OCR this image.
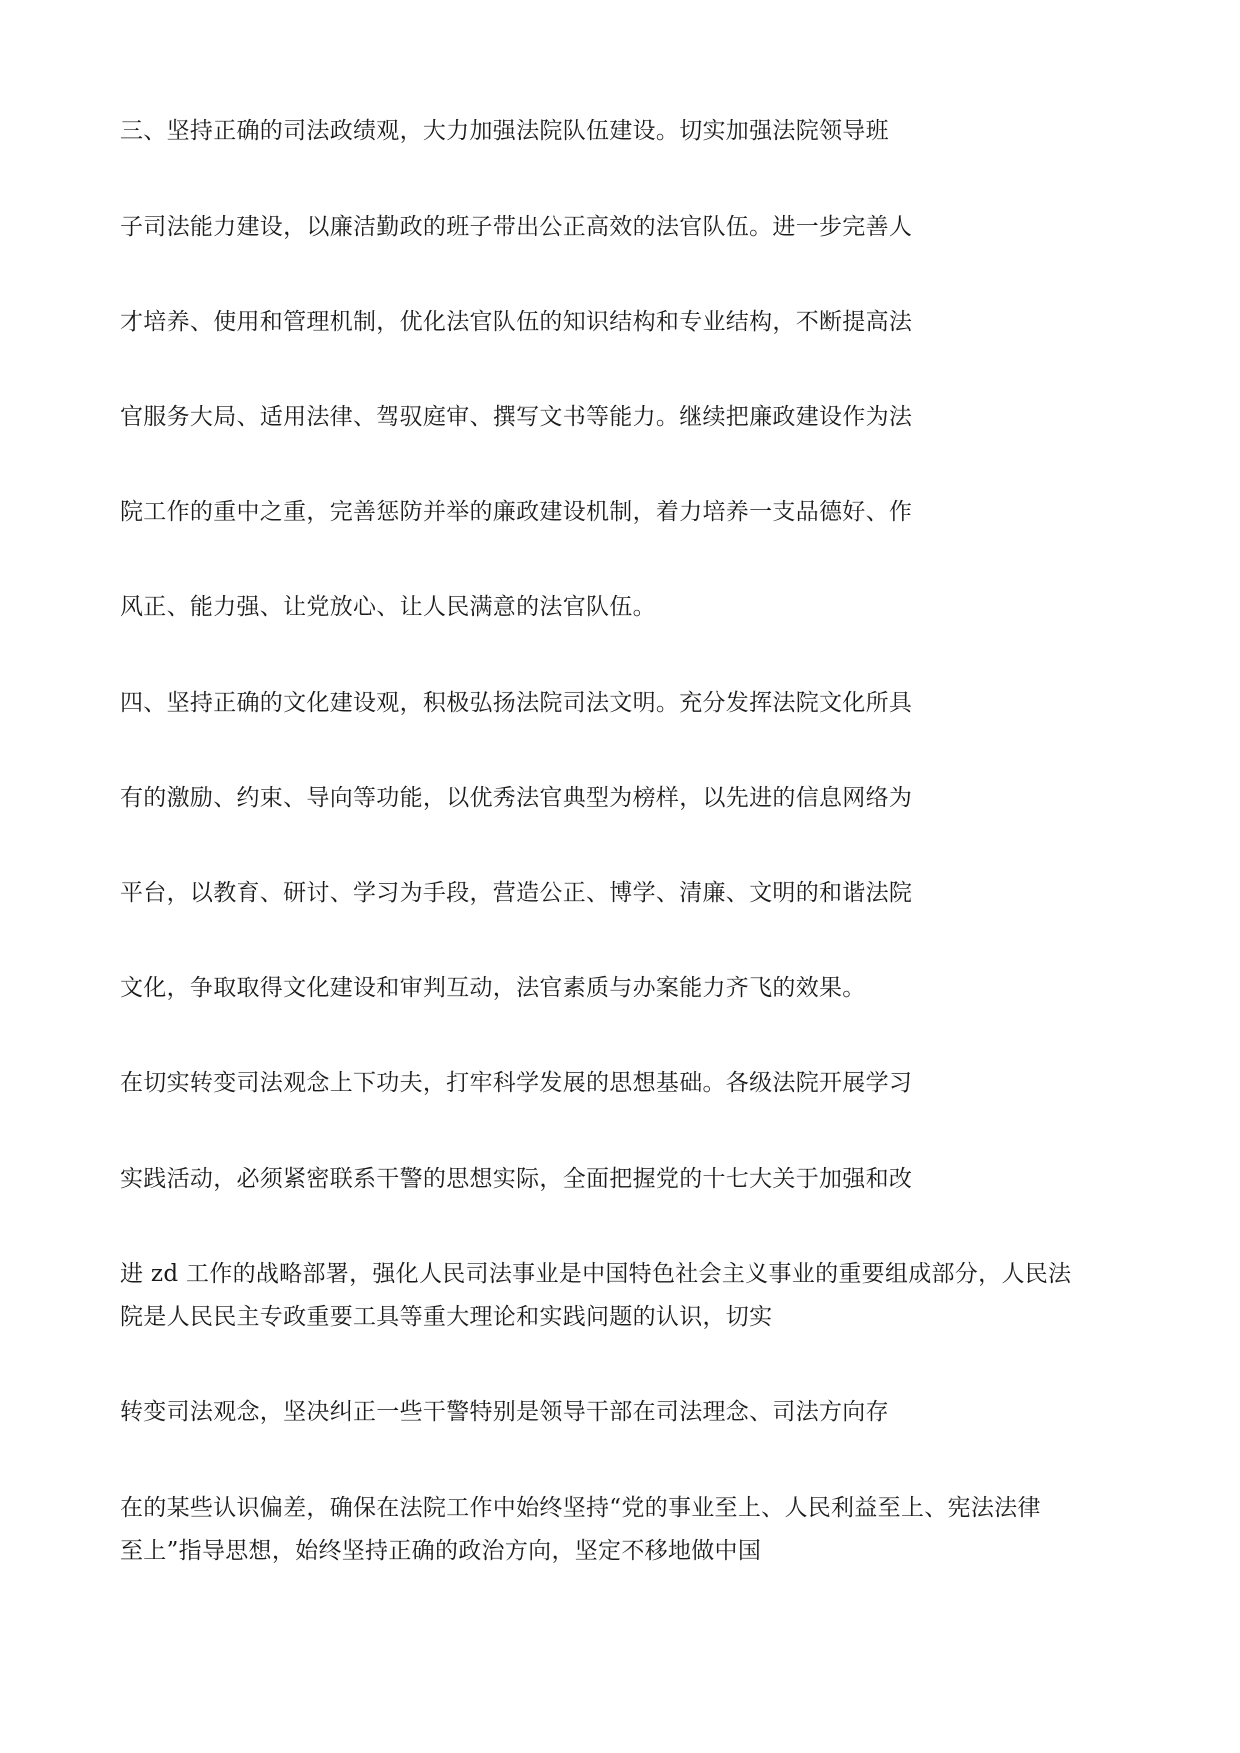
三、坚持正确的司法政绩观，大力加强法院队伍建设。切实加强法院领导班

子司法能力建设，以廉洁勤政的班子带出公正高效的法官队伍。进一步完善人

才培养、使用和管理机制，优化法官队伍的知识结构和专业结构，不断提高法

官服务大局、适用法律、驾驭庭审、撰写文书等能力。继续把廉政建设作为法

院工作的重中之重，完善惩防并举的廉政建设机制，着力培养一支品德好、作

风正、能力强、让党放心、让人民满意的法官队伍。

四、坚持正确的文化建设观，积极弘扬法院司法文明。充分发挥法院文化所具

有的激励、约束、导向等功能，以优秀法官典型为榜样，以先进的信息网络为

平台，以教育、研讨、学习为手段，营造公正、博学、清廉、文明的和谐法院

文化，争取取得文化建设和审判互动，法官素质与办案能力齐飞的效果。

在切实转变司法观念上下功夫，打牢科学发展的思想基础。各级法院开展学习

实践活动，必须紧密联系干警的思想实际，全面把握党的十七大关于加强和改

进 zd 工作的战略部署，强化人民司法事业是中国特色社会主义事业的重要组成部分，人民法

院是人民民主专政重要工具等重大理论和实践问题的认识，切实

转变司法观念，坚决纠正一些干警特别是领导干部在司法理念、司法方向存

在的某些认识偏差，确保在法院工作中始终坚持“党的事业至上、人民利益至上、宪法法律

至上”指导思想，始终坚持正确的政治方向，坚定不移地做中国
